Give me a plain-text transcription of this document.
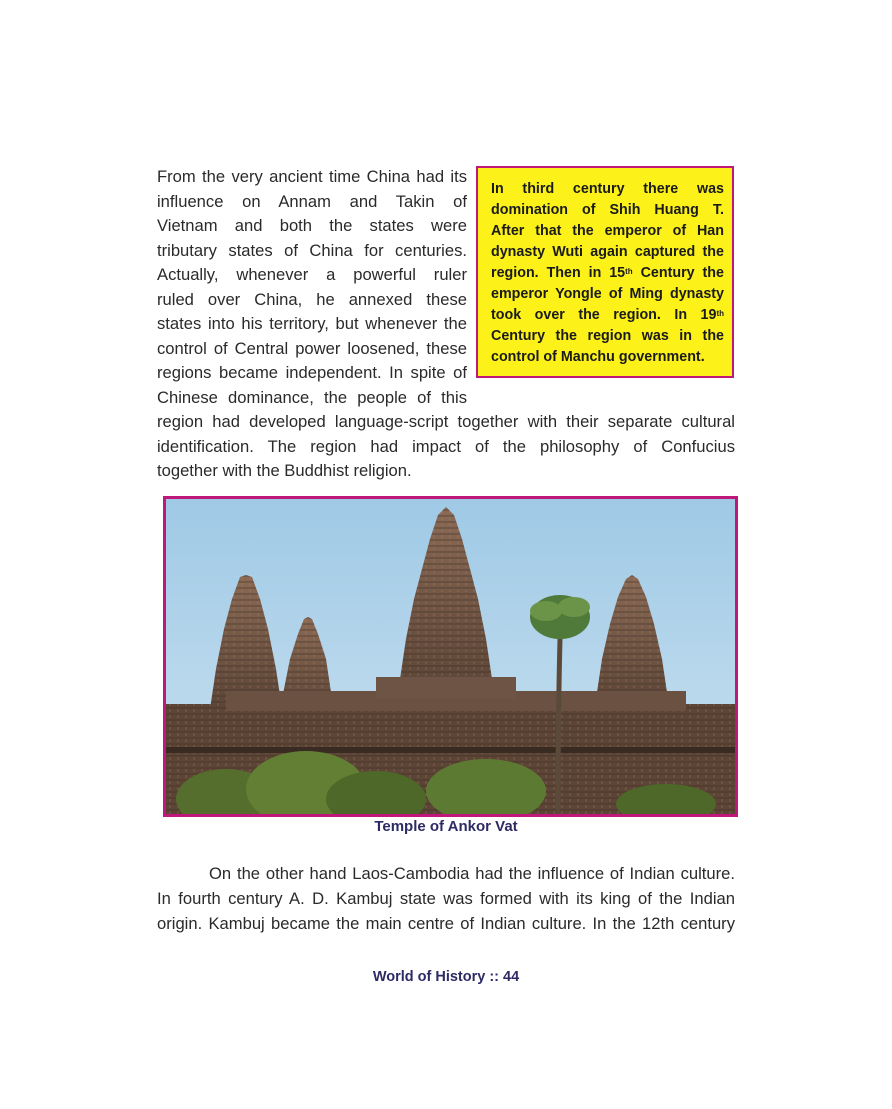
From the very ancient time China had its
influence on Annam and Takin of
Vietnam and both the states were
tributary states of China for centuries.
Actually, whenever a powerful ruler
ruled over China, he annexed these
states into his territory, but whenever the
control of Central power loosened, these
regions became independent. In spite of
Chinese dominance, the people of this
region had developed language-script together with their separate cultural
identification. The region had impact of the philosophy of Confucius
together with the Buddhist religion.
In third century there was
domination of Shih Huang T.
After that the emperor of Han
dynasty Wuti again captured the
region. Then in 15th Century the
emperor Yongle of Ming dynasty
took over the region. In 19th
Century the region was in the
control of Manchu government.
Temple of Ankor Vat
On the other hand Laos-Cambodia had the influence of Indian culture.
In fourth century A. D. Kambuj state was formed with its king of the Indian
origin. Kambuj became the main centre of Indian culture. In the 12th century
World of History :: 44
